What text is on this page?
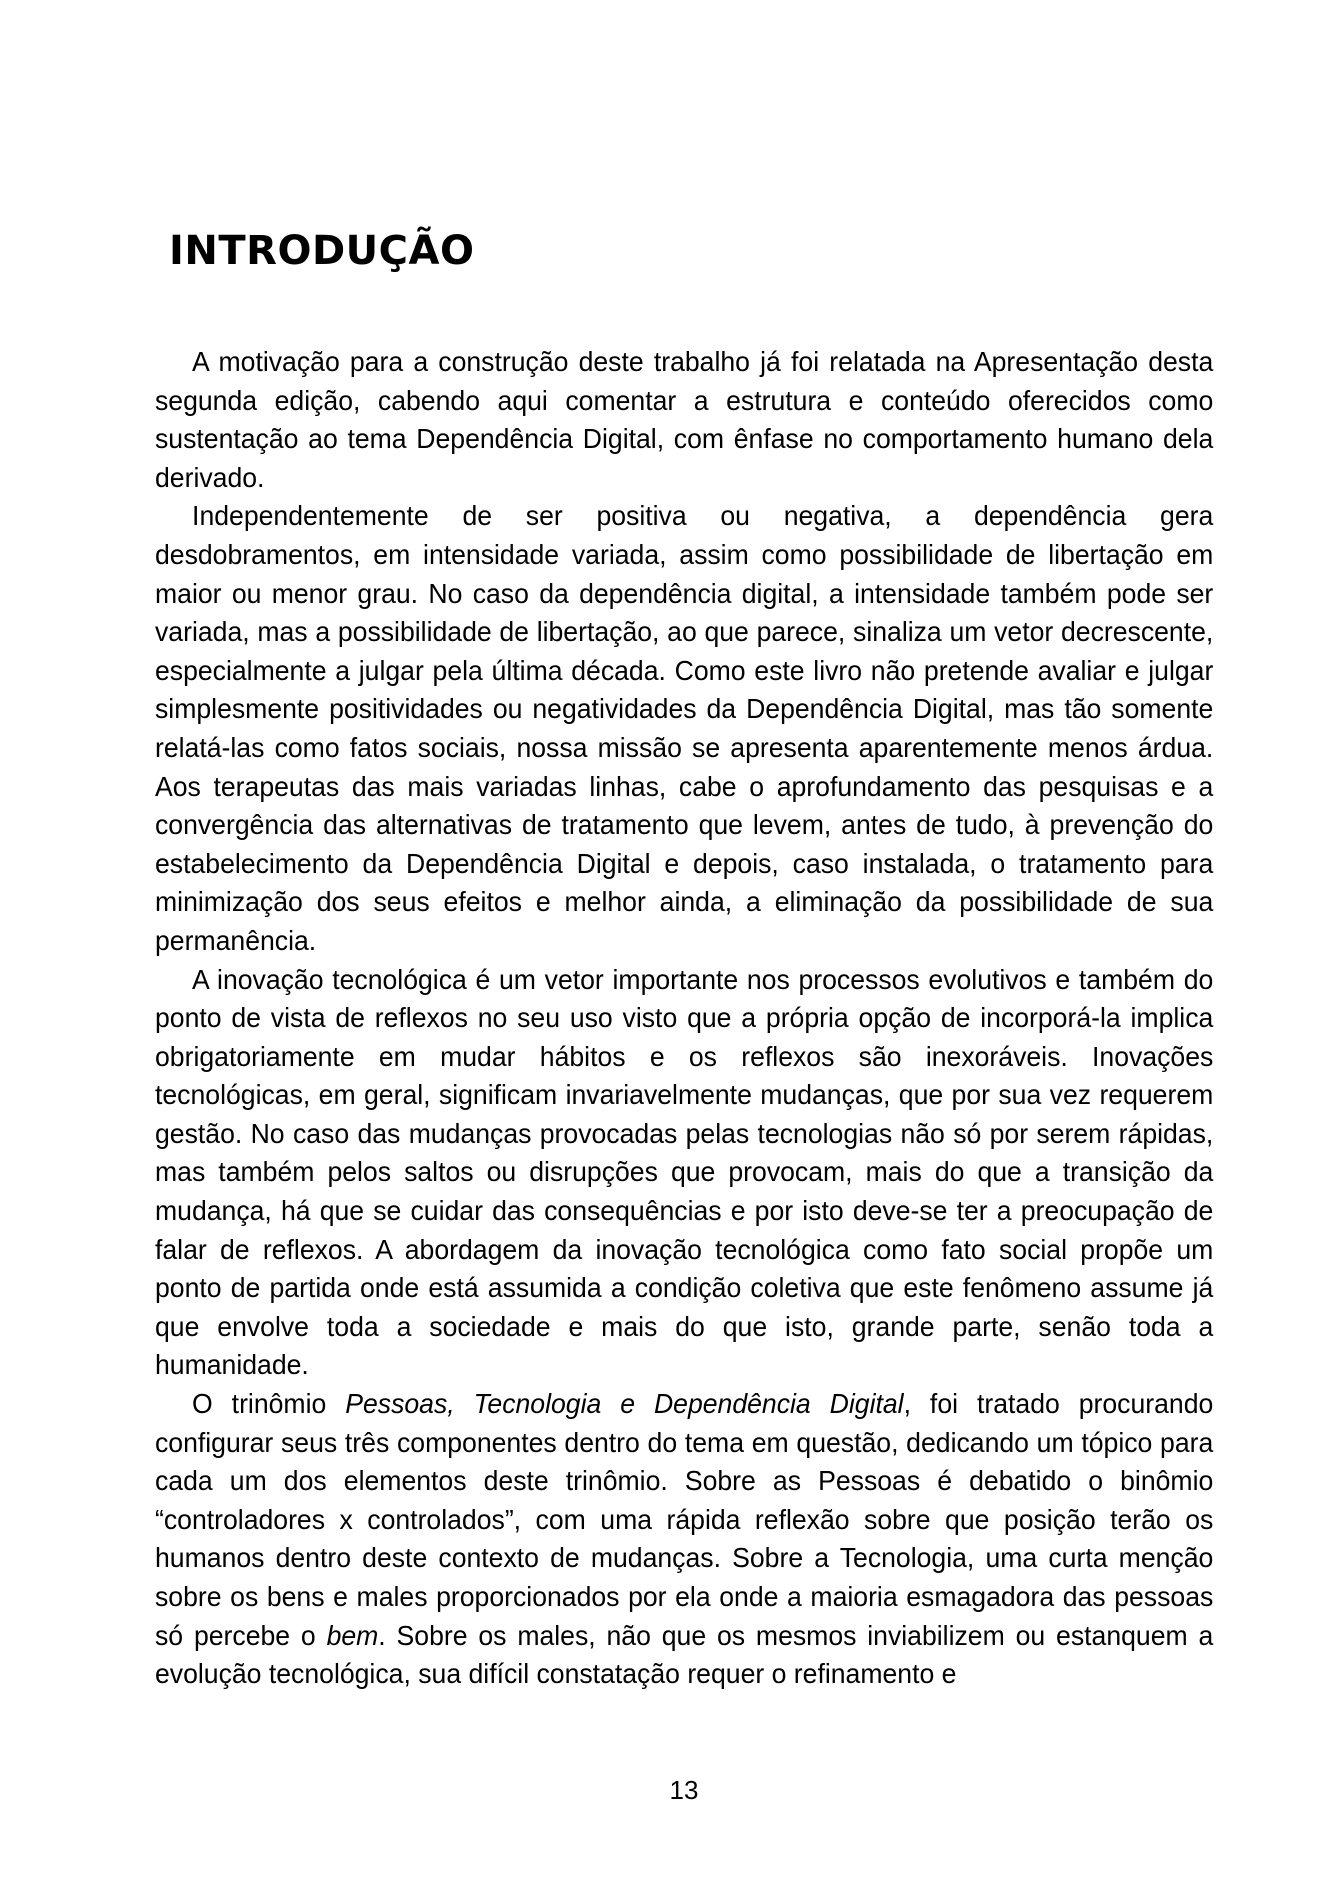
INTRODUÇÃO

A motivação para a construção deste trabalho já foi relatada na Apresentação desta segunda edição, cabendo aqui comentar a estrutura e conteúdo oferecidos como sustentação ao tema Dependência Digital, com ênfase no comportamento humano dela derivado.

Independentemente de ser positiva ou negativa, a dependência gera desdobramentos, em intensidade variada, assim como possibilidade de libertação em maior ou menor grau. No caso da dependência digital, a intensidade também pode ser variada, mas a possibilidade de libertação, ao que parece, sinaliza um vetor decrescente, especialmente a julgar pela última década. Como este livro não pretende avaliar e julgar simplesmente positividades ou negatividades da Dependência Digital, mas tão somente relatá-las como fatos sociais, nossa missão se apresenta aparentemente menos árdua. Aos terapeutas das mais variadas linhas, cabe o aprofundamento das pesquisas e a convergência das alternativas de tratamento que levem, antes de tudo, à prevenção do estabelecimento da Dependência Digital e depois, caso instalada, o tratamento para minimização dos seus efeitos e melhor ainda, a eliminação da possibilidade de sua permanência.

A inovação tecnológica é um vetor importante nos processos evolutivos e também do ponto de vista de reflexos no seu uso visto que a própria opção de incorporá-la implica obrigatoriamente em mudar hábitos e os reflexos são inexoráveis. Inovações tecnológicas, em geral, significam invariavelmente mudanças, que por sua vez requerem gestão. No caso das mudanças provocadas pelas tecnologias não só por serem rápidas, mas também pelos saltos ou disrupções que provocam, mais do que a transição da mudança, há que se cuidar das consequências e por isto deve-se ter a preocupação de falar de reflexos. A abordagem da inovação tecnológica como fato social propõe um ponto de partida onde está assumida a condição coletiva que este fenômeno assume já que envolve toda a sociedade e mais do que isto, grande parte, senão toda a humanidade.

O trinômio Pessoas, Tecnologia e Dependência Digital, foi tratado procurando configurar seus três componentes dentro do tema em questão, dedicando um tópico para cada um dos elementos deste trinômio. Sobre as Pessoas é debatido o binômio “controladores x controlados”, com uma rápida reflexão sobre que posição terão os humanos dentro deste contexto de mudanças. Sobre a Tecnologia, uma curta menção sobre os bens e males proporcionados por ela onde a maioria esmagadora das pessoas só percebe o bem. Sobre os males, não que os mesmos inviabilizem ou estanquem a evolução tecnológica, sua difícil constatação requer o refinamento e

13
